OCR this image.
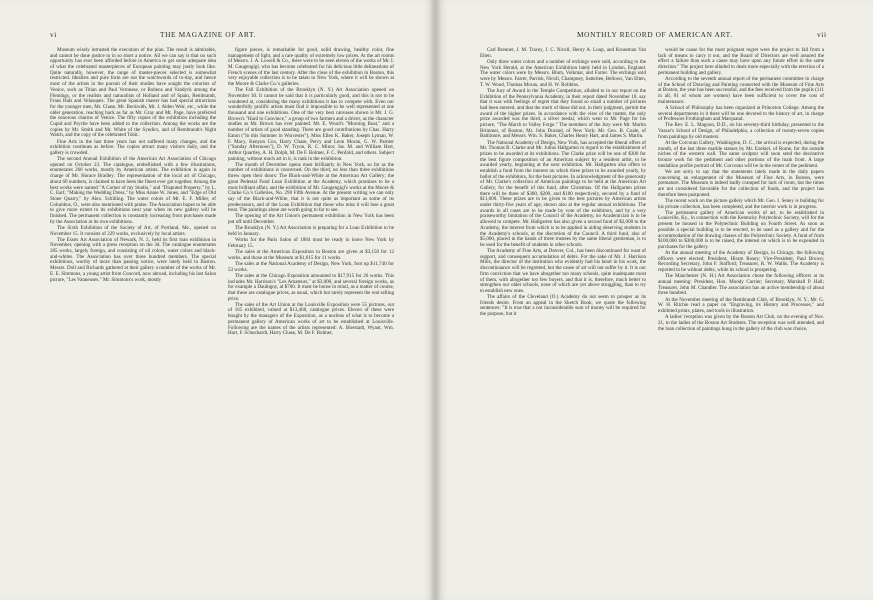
vi	THE MAGAZINE OF ART.

Museum wisely intrusted the execution of the plan. The result is admirable, and cannot be done justice to in so short a notice. All we can say is that no such opportunity has ever been afforded before in America to get some adequate idea of what the celebrated masterpieces of European painting may justly look like. Quite naturally, however, the range of master-pieces selected is somewhat restricted. Idealists and pure form are not the watchwords of to-day, and hence most of the artists in the pursuit of their studies have sought the colorists of Venice, such as Titian and Paul Veronese, or Rubens and Vandyck among the Flemings, or the realists and naturalists of Holland and of Spain, Rembrandt, Frans Hals and Velasquez. The great Spanish master has had special attractions for the younger men, Mr. Chase, Mr. Beckwith, Mr. J. Alden Weir, etc., while the older generation, reaching back as far as Mr. Gray and Mr. Page, have preferred the sonorous charms of Venice. The fifty copies of the exhibition including the Cupid and Psyche have been added to the collection. Among the works are the copies by Mr. Smith and Mr. White of the Syndics, and of Rembrandt's Night Watch, and the copy of the celebrated Tobit.

Fine Arts in the last three years has not suffered many changes, and the exhibition continues as before. The copies attract many visitors daily, and the gallery is crowded.

The second Annual Exhibition of the American Art Association of Chicago opened on October 23. The catalogue, embellished with a few illustrations, enumerates 266 works, mostly by American artists. The exhibition is again in charge of Mr. Horace Bradley. The representation of the local art of Chicago, about 60 numbers, is claimed to have been the finest ever got together. Among the best works were named "A Corner of my Studio," and "Disputed Property," by L. C. Earl; "Making the Wedding Dress," by Miss Annie W. Jones, and "Edge of Old Stone Quarry," by Alex. Schilling. The water colors of Mr. E. F. Miller, of Columbus, O., were also mentioned with praise. The Association hopes to be able to give more extent to its exhibitions next year when its new gallery will be finished. The permanent collection is constantly increasing from purchases made by the Association at its own exhibitions.

The Sixth Exhibition of the Society of Art, of Portland, Me., opened on November 15. It consists of 229 works, exclusively by local artists.

The Essex Art Association of Newark, N. J., held its first loan exhibition in November, opening with a press reception on the 3d. The catalogue enumerates 285 works, largely foreign, and consisting of oil colors, water colors and black-and-whites. The Association has over three hundred members. The special exhibitions, worthy of more than passing notice, were lately held in Boston. Messrs. Doll and Richards gathered at their gallery a number of the works of Mr. E. E. Simmons, a young artist from Concord, now abroad, including his last Salon picture, "Les Vanneuses." Mr. Simmons's work, mostly

figure pieces, is remarkable for good, solid drawing, healthy color, fine management of light, and a rare quality of extremely low prices. At the art rooms of Messrs. J. A. Lowell & Co., there were to be seen eleven of the works of Mr. I. M. Gaugengigl, who has become celebrated for his delicious little delineations of French scenes of the last century. After the close of the exhibition in Boston, this very enjoyable collection is to be taken to New York, where it will be shown at the Moore & Clarke Co.'s galleries.

The Fall Exhibition of the Brooklyn (N. Y.) Art Association opened on November 30. It cannot be said that it is particularly good, and this is not to be wondered at, considering the many exhibitions it has to compete with. Even our wonderfully prolific artists must find it impossible to be well represented at one thousand and one exhibitions. One of the very best canvases shown is Mr. J. G. Brown's "Hard to Convince," a group of two farmers and a driver, as the character studies as Mr. Brown has ever painted. Mr. E. Wood's "Morning Boat," and a number of artists of good standing. There are good contributions by Chas. Harry Eaton ("In this Summer in Worcester"), Miss Ellen K. Baker, Joseph Lyman, W. F. Macy, Kenyon Cox, Harry Chase, Percy and Leon Moran, G. W. Parmer ("Sunday Afternoon"), D. W. Tryon, R. C. Minor, Jas. M. and William Hart, Arthur Quartley, A. H. Dolph, M. De F. Bolmer, F. C. Penfold, and others. Subject painting, without much art in it, is rank in the exhibition.

The month of December opens most brilliantly in New York, so far as the number of exhibitions is concerned. On the third, no less than three exhibitions threw open their doors: The Black-and-White at the American Art Gallery; the great Pedestal Fund Loan Exhibition at the Academy, which promises to be a most brilliant affair, and the exhibition of Mr. Gaugengigl's works at the Moore & Clarke Co.'s Galleries, No. 290 Fifth Avenue. At the present writing we can only say of the Black-and-White, that it is not quite as important as some of its predecessors, and of the Loan Exhibition that those who miss it will lose a great treat. The paintings alone are worth going to far to see.

The opening of the Art Union's permanent exhibition in New York has been put off until December.

The Brooklyn (N. Y.) Art Association is preparing for a Loan Exhibition to be held in January.

Works for the Paris Salon of 1884 must be ready to leave New York by February 15.

The sales at the American Exposition in Boston are given at $3,150 for 12 works, and those at the Museum at $1,615 for 11 works.

The sales at the National Academy of Design, New York, foot up $11,740 for 53 works.

The sales at the Chicago Exposition amounted to $17,915 for 26 works. This includes Mr. Harrison's "Les Amateurs," at $3,000, and several foreign works, as for example a Daubigny, at $700. It must be borne in mind, as a matter of course, that these are catalogue prices, as usual, which but rarely represent the real selling price.

The sales of the Art Union at the Louisville Exposition were 55 pictures, out of 165 exhibited, valued at $13,460, catalogue prices. Eleven of these were bought by the managers of the Exposition, as a nucleus of what is to become a permanent gallery of American works of art to be established at Louisville. Following are the names of the artists represented: A. Bierstadt, Wyant, Wm. Hart, F. Schuchardt, Harry Chase, M. De F. Bolmer,

MONTHLY RECORD OF AMERICAN ART.	vii

Carl Brenner, J. M. Tracey, J. C. Nicoll, Henry A. Loop, and Kruseman Van Elten.

Only three water colors and a number of etchings were sold, according to the New York Herald, at the American Exhibition lately held in London, England. The water colors were by Messrs. Blum, Volkmar, and Farrer. The etchings sold were by Messrs. Farrer, Parrish, Nicoll, Champney, Satterlee, Bellows, Van Elten, T. W. Wood, Thomas Moran, and H. W. Robbins.

The Jury of Award in the Temple Competition, alluded to in our report on the Exhibition of the Pennsylvania Academy, in their report dated November 18, say that it was with feelings of regret that they found so small a number of pictures had been entered, and that the merit of these did not, in their judgment, permit the award of the higher prizes. In accordance with the view of the matter, the only prize awarded was the third, a silver medal, which went to Mr. Page for his picture, "The March to Valley Forge." The members of the Jury were Mr. Martin Brimmer, of Boston; Mr. John Durand, of New York; Mr. Geo. B. Coale, of Baltimore, and Messrs. Wm. S. Baker, Charles Henry Hart, and James S. Martin.

The National Academy of Design, New York, has accepted the liberal offers of Mr. Thomas B. Clarke and Mr. Julius Hallgarten in regard to the establishment of prizes to be awarded at its exhibitions. The Clarke prize will be one of $300 for the best figure composition of an American subject by a resident artist, to be awarded yearly, beginning at the next exhibition. Mr. Hallgarten also offers to establish a fund from the interest on which three prizes to be awarded yearly, by ballot of the exhibitors, for the best pictures. In acknowledgment of the generosity of Mr. Clarke's collection of American paintings to be held at the American Art Gallery, for the benefit of this fund, after Christmas. Of the Hallgarten prizes there will be three of $300, $200, and $100 respectively, secured by a fund of $11,000. These prizes are to be given to the best pictures by American artists under thirty-five years of age, shown also at the regular annual exhibitions. The awards in all cases are to be made by vote of the exhibitors, and by a very praiseworthy limitation of the Council of the Academy, no Academician is to be allowed to compete. Mr. Hallgarten has also given a second fund of $2,000 to the Academy, the interest from which is to be applied in aiding deserving students in the Academy's schools, at the discretion of the Council. A third fund, also of $5,000, placed in the hands of three trustees by the same liberal gentleman, is to be used for the benefit of students in other schools.

The Academy of Fine Arts, at Denver, Col., has been discontinued for want of support, and consequent accumulation of debts. For the sake of Mr. J. Harrison Mills, the director of the institution who evidently had his heart in his work, the discontinuance will be regretted, but the cause of art will not suffer by it. It is our firm conviction that we have altogether too many schools, quite inadequate most of them, with altogether too few buyers, and that it is, therefore, much better to strengthen our older schools, none of which are yet above struggling, than to try to establish new ones.

The affairs of the Cleveland (O.) Academy do not seem to prosper as its friends desire. From an appeal in the Sketch Book, we quote the following sentences: "It is true that a not inconsiderable sum of money will be required for the purpose, but it

would be cause for the most poignant regret were the project to fall from a lack of means to carry it out, and the Board of Directors are well assured the effect a failure than such a cause may have upon any future effort in the same direction." The project here alluded to deals more especially with the erection of a permanent building and gallery.

According to the seventh annual report of the permanent committee in charge of the School of Drawing and Painting connected with the Museum of Fine Arts at Boston, the year has been successful, and the fees received from the pupils (111 in all, 81 of whom are women) have been sufficient to cover the cost of maintenance.

A School of Philosophy has been organized at Princeton College. Among the several departments in it there will be one devoted to the history of art, in charge of Professors Frothingham and Marquand.

The Rev. E. L. Magoon, D.D., on his seventy-third birthday, presented to the Vassar's School of Design, of Philadelphia, a collection of twenty-seven copies from paintings by old masters.

At the Corcoran Gallery, Washington, D. C., the arrival is expected, during the month, of the last three marble statues by Mr. Ezekiel, of Rome, for the outside niches of the western wall. The same sculptor will soon send the decorative bronze work for the pediment and other portions of the main front. A large medallion profile portrait of Mr. Corcoran will be in the center of the pediment.

We are sorry to say that the statements lately made in the daily papers concerning an enlargement of the Museum of Fine Arts, in Boston, were premature. The Museum is indeed badly cramped for lack of room, but the times are not considered favorable for the collection of funds, and the project has therefore been postponed.

The recent work on the picture gallery which Mr. Geo. I. Seney is building for his private collection, has been completed, and the interior work is in progress.

The permanent gallery of American works of art, to be established in Louisville, Ky., in connection with the Kentucky Polytechnic Society, will for the present be housed in the Polytechnic Building on Fourth Street. As soon as possible a special building is to be erected, to be used as a gallery and for the accommodation of the drawing classes of the Polytechnic Society. A fund of from $100,000 to $300,000 is to be raised, the interest on which is to be expended in purchases for the gallery.

At the annual meeting of the Academy of Design, in Chicago, the following officers were elected: President, Hiram Rosey; Vice-President, Paul Brown; Recording Secretary, John F. Stafford; Treasurer, R. W. Wallis. The Academy is reported to be without debts, while its school is prospering.

The Manchester (N. H.) Art Association chose the following officers at its annual meeting: President, Hon. Moody Currier; Secretary, Marshall P. Hall; Treasurer, John M. Chandler. The association has an active membership of about three hundred.

At the November meeting of the Rembrandt Club, of Brooklyn, N. Y., Mr. G. W. H. Ritchie read a paper on "Engraving, its History and Processes," and exhibited prints, plates, and tools in illustration.

A ladies' reception was given by the Boston Art Club, on the evening of Nov. 21, to the ladies of the Boston Art Students. The reception was well attended, and the loan collection of paintings hung in the gallery of the club was choice,
